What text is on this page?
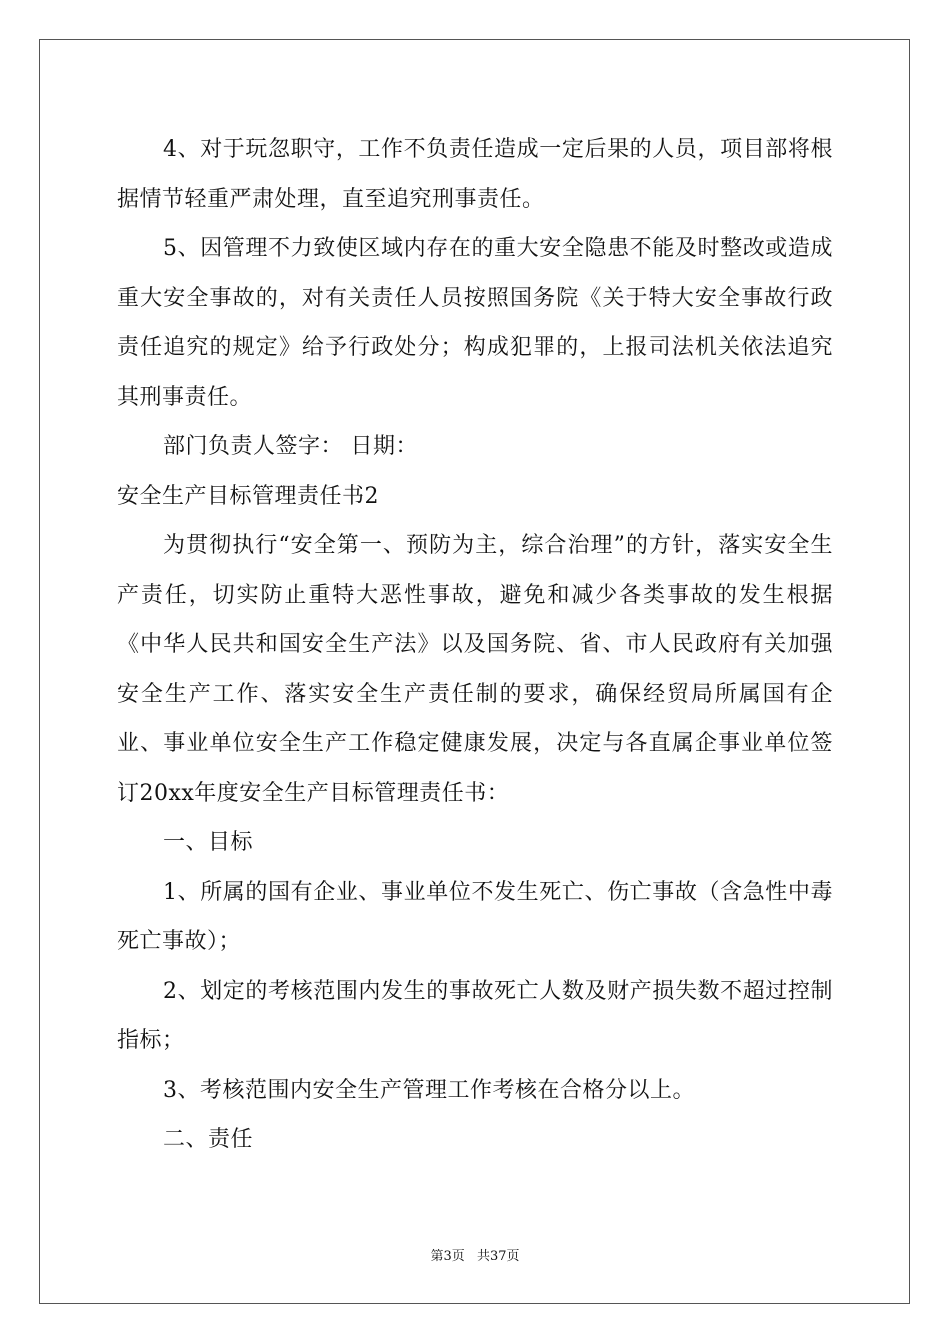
4、对于玩忽职守，工作不负责任造成一定后果的人员，项目部将根据情节轻重严肃处理，直至追究刑事责任。

5、因管理不力致使区域内存在的重大安全隐患不能及时整改或造成重大安全事故的，对有关责任人员按照国务院《关于特大安全事故行政责任追究的规定》给予行政处分；构成犯罪的，上报司法机关依法追究其刑事责任。

部门负责人签字： 日期：

安全生产目标管理责任书2

为贯彻执行“安全第一、预防为主，综合治理”的方针，落实安全生产责任，切实防止重特大恶性事故，避免和减少各类事故的发生根据《中华人民共和国安全生产法》以及国务院、省、市人民政府有关加强安全生产工作、落实安全生产责任制的要求，确保经贸局所属国有企业、事业单位安全生产工作稳定健康发展，决定与各直属企事业单位签订20xx年度安全生产目标管理责任书：

一、目标

1、所属的国有企业、事业单位不发生死亡、伤亡事故（含急性中毒死亡事故）；

2、划定的考核范围内发生的事故死亡人数及财产损失数不超过控制指标；

3、考核范围内安全生产管理工作考核在合格分以上。

二、责任

第3页 共37页
